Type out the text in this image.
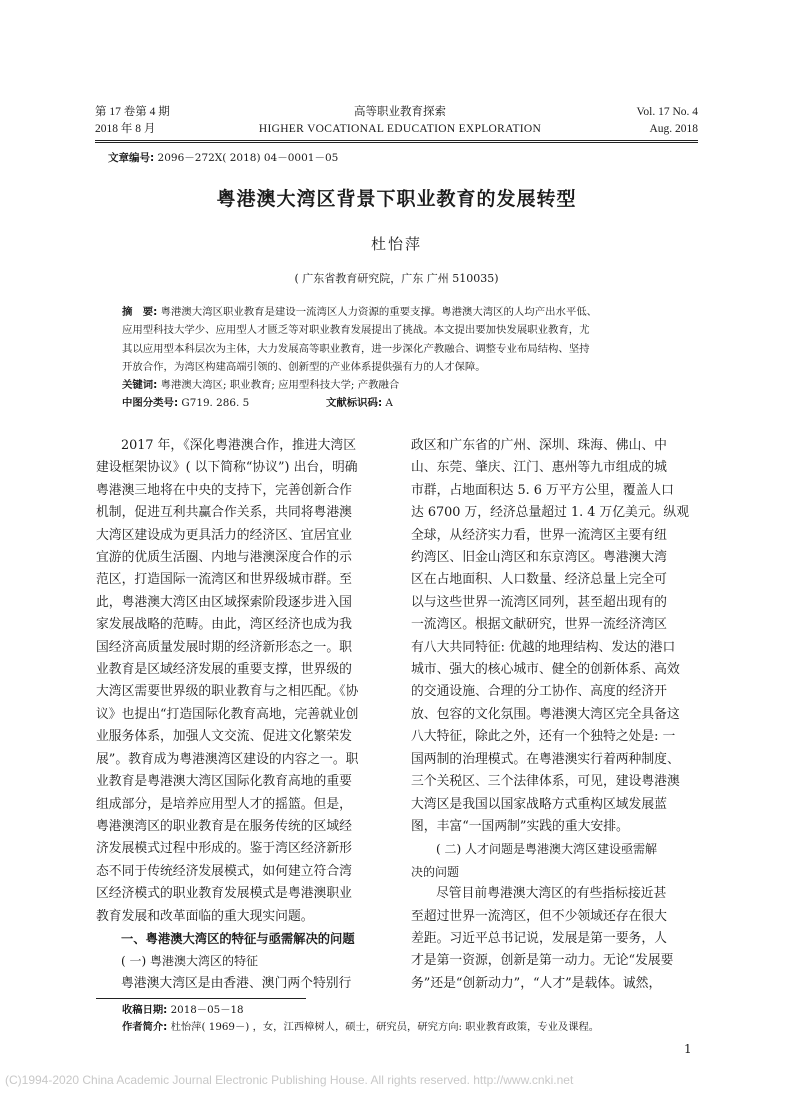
第 17 卷第 4 期
2018 年 8 月
高等职业教育探索
HIGHER VOCATIONAL EDUCATION EXPLORATION
Vol. 17 No. 4
Aug. 2018
文章编号: 2096－272X( 2018) 04－0001－05
粤港澳大湾区背景下职业教育的发展转型
杜怡萍
( 广东省教育研究院，广东 广州 510035)
摘　要: 粤港澳大湾区职业教育是建设一流湾区人力资源的重要支撑。粤港澳大湾区的人均产出水平低、
应用型科技大学少、应用型人才匮乏等对职业教育发展提出了挑战。本文提出要加快发展职业教育，尤
其以应用型本科层次为主体，大力发展高等职业教育，进一步深化产教融合、调整专业布局结构、坚持
开放合作，为湾区构建高端引领的、创新型的产业体系提供强有力的人才保障。
关键词: 粤港澳大湾区; 职业教育; 应用型科技大学; 产教融合
中图分类号: G719. 286. 5	文献标识码: A
2017 年，《深化粤港澳合作，推进大湾区
建设框架协议》( 以下简称“协议”) 出台，明确
粤港澳三地将在中央的支持下，完善创新合作
机制，促进互利共赢合作关系，共同将粤港澳
大湾区建设成为更具活力的经济区、宜居宜业
宜游的优质生活圈、内地与港澳深度合作的示
范区，打造国际一流湾区和世界级城市群。至
此，粤港澳大湾区由区域探索阶段逐步进入国
家发展战略的范畴。由此，湾区经济也成为我
国经济高质量发展时期的经济新形态之一。职
业教育是区域经济发展的重要支撑，世界级的
大湾区需要世界级的职业教育与之相匹配。《协
议》也提出“打造国际化教育高地，完善就业创
业服务体系，加强人文交流、促进文化繁荣发
展”。教育成为粤港澳湾区建设的内容之一。职
业教育是粤港澳大湾区国际化教育高地的重要
组成部分，是培养应用型人才的摇篮。但是，
粤港澳湾区的职业教育是在服务传统的区域经
济发展模式过程中形成的。鉴于湾区经济新形
态不同于传统经济发展模式，如何建立符合湾
区经济模式的职业教育发展模式是粤港澳职业
教育发展和改革面临的重大现实问题。
一、粤港澳大湾区的特征与亟需解决的问题
( 一) 粤港澳大湾区的特征
粤港澳大湾区是由香港、澳门两个特别行
政区和广东省的广州、深圳、珠海、佛山、中
山、东莞、肇庆、江门、惠州等九市组成的城
市群，占地面积达 5. 6 万平方公里，覆盖人口
达 6700 万，经济总量超过 1. 4 万亿美元。纵观
全球，从经济实力看，世界一流湾区主要有纽
约湾区、旧金山湾区和东京湾区。粤港澳大湾
区在占地面积、人口数量、经济总量上完全可
以与这些世界一流湾区同列，甚至超出现有的
一流湾区。根据文献研究，世界一流经济湾区
有八大共同特征: 优越的地理结构、发达的港口
城市、强大的核心城市、健全的创新体系、高效
的交通设施、合理的分工协作、高度的经济开
放、包容的文化氛围。粤港澳大湾区完全具备这
八大特征，除此之外，还有一个独特之处是: 一
国两制的治理模式。在粤港澳实行着两种制度、
三个关税区、三个法律体系，可见，建设粤港澳
大湾区是我国以国家战略方式重构区域发展蓝
图，丰富“一国两制”实践的重大安排。
( 二) 人才问题是粤港澳大湾区建设亟需解
决的问题
尽管目前粤港澳大湾区的有些指标接近甚
至超过世界一流湾区，但不少领域还存在很大
差距。习近平总书记说，发展是第一要务，人
才是第一资源，创新是第一动力。无论“发展要
务”还是“创新动力”，“人才”是载体。诚然，
收稿日期: 2018－05－18
作者简介: 杜怡萍( 1969－) ，女，江西樟树人，硕士，研究员，研究方向: 职业教育政策，专业及课程。
1
(C)1994-2020 China Academic Journal Electronic Publishing House. All rights reserved. http://www.cnki.net
